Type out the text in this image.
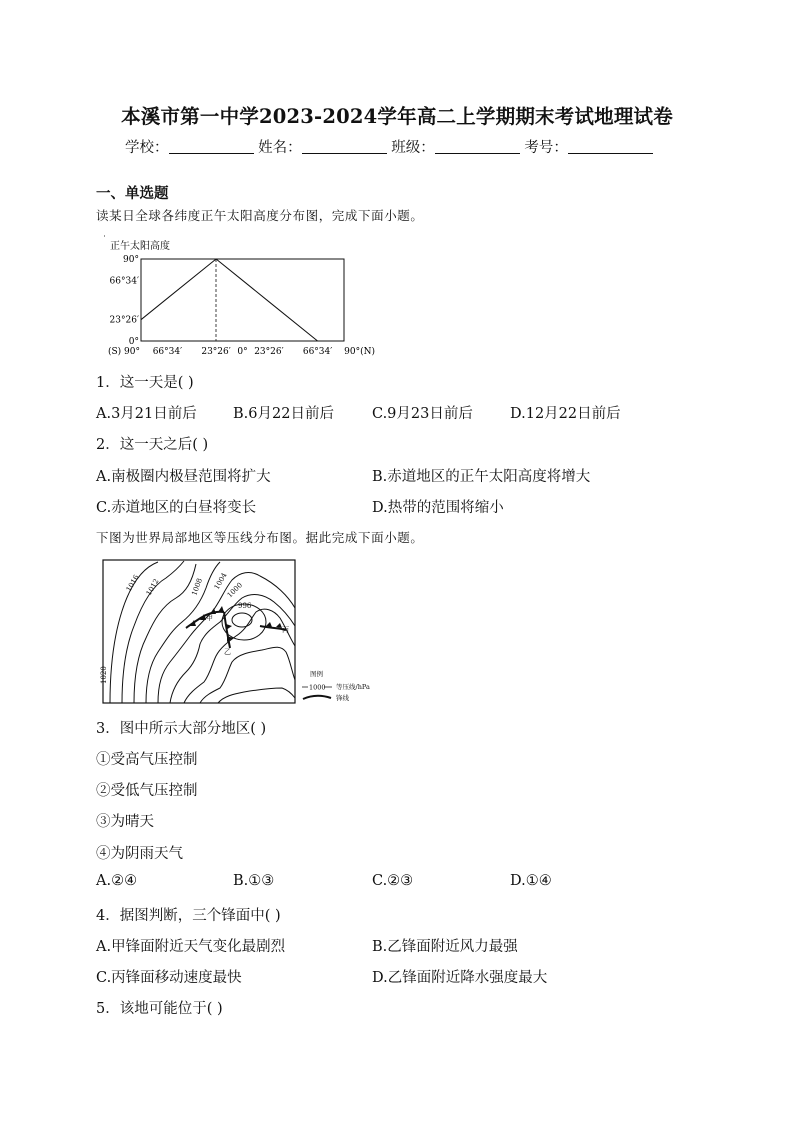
本溪市第一中学2023-2024学年高二上学期期末考试地理试卷
学校：	姓名：	班级：	考号：
一、单选题
读某日全球各纬度正午太阳高度分布图，完成下面小题。
正午太阳高度
90°
66°34′
23°26′
0°
(S) 90° 66°34′ 23°26′ 0° 23°26′ 66°34′ 90°(N)
1．这一天是( )
A.3月21日前后 B.6月22日前后	C.9月23日前后	D.12月22日前后
2．这一天之后( )
A.南极圈内极昼范围将扩大	B.赤道地区的正午太阳高度将增大
C.赤道地区的白昼将变长	D.热带的范围将缩小
下图为世界局部地区等压线分布图。据此完成下面小题。
1016 1012	1008 1004
1000
996
1020
甲
乙
丙
图例
1000 等压线/hPa
锋线
3．图中所示大部分地区( )
①受高气压控制
②受低气压控制
③为晴天
④为阴雨天气
A.②④	B.①③	C.②③	D.①④
4．据图判断，三个锋面中( )
A.甲锋面附近天气变化最剧烈	B.乙锋面附近风力最强
C.丙锋面移动速度最快	D.乙锋面附近降水强度最大
5．该地可能位于( )
